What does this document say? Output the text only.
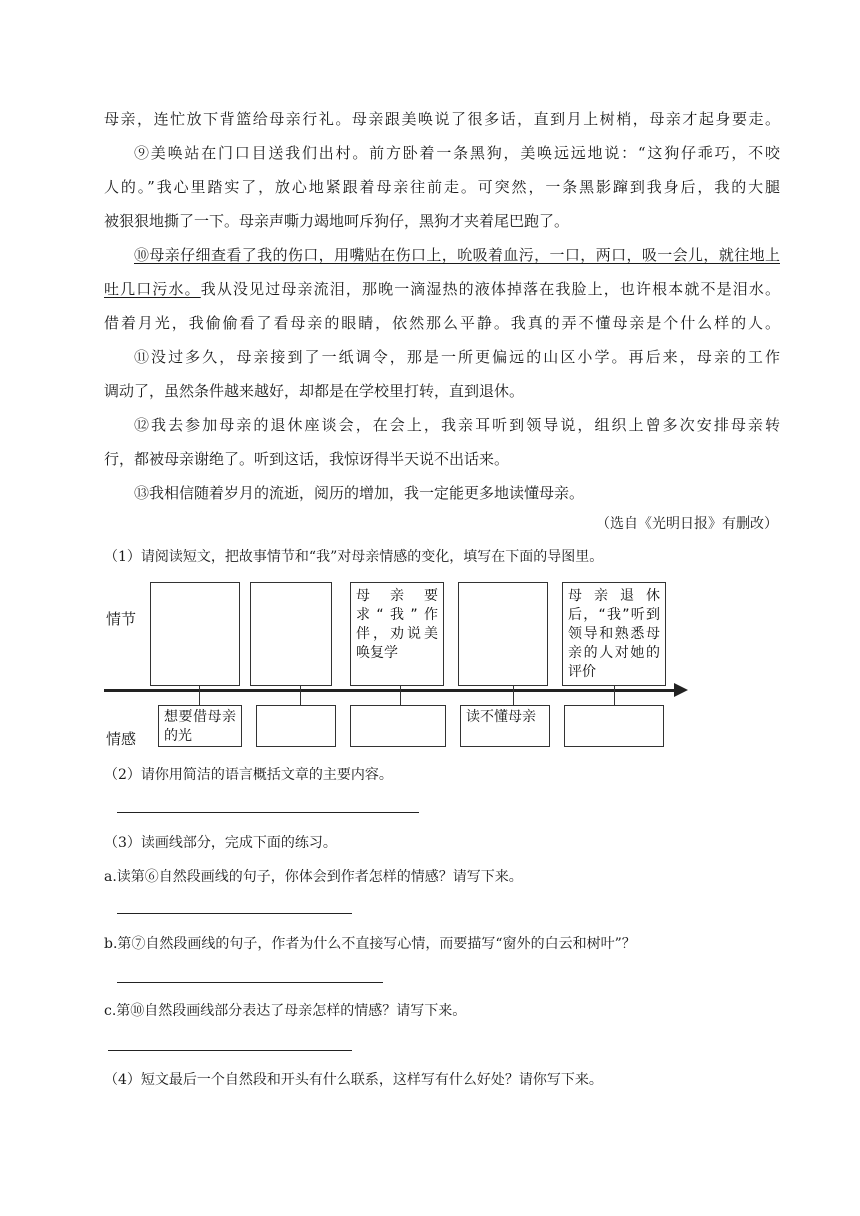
母亲，连忙放下背篮给母亲行礼。母亲跟美唤说了很多话，直到月上树梢，母亲才起身要走。

⑨美唤站在门口目送我们出村。前方卧着一条黑狗，美唤远远地说：“这狗仔乖巧，不咬

人的。”我心里踏实了，放心地紧跟着母亲往前走。可突然，一条黑影蹿到我身后，我的大腿

被狠狠地撕了一下。母亲声嘶力竭地呵斥狗仔，黑狗才夹着尾巴跑了。

⑩母亲仔细查看了我的伤口，用嘴贴在伤口上，吮吸着血污，一口，两口，吸一会儿，就往地上

吐几口污水。我从没见过母亲流泪，那晚一滴湿热的液体掉落在我脸上，也许根本就不是泪水。

借着月光，我偷偷看了看母亲的眼睛，依然那么平静。我真的弄不懂母亲是个什么样的人。

⑪没过多久，母亲接到了一纸调令，那是一所更偏远的山区小学。再后来，母亲的工作

调动了，虽然条件越来越好，却都是在学校里打转，直到退休。

⑫我去参加母亲的退休座谈会，在会上，我亲耳听到领导说，组织上曾多次安排母亲转

行，都被母亲谢绝了。听到这话，我惊讶得半天说不出话来。

⑬我相信随着岁月的流逝，阅历的增加，我一定能更多地读懂母亲。

（选自《光明日报》有删改）
（1）请阅读短文，把故事情节和“我”对母亲情感的变化，填写在下面的导图里。
情节
情感
母亲要求“我”作伴，劝说美唤复学
母亲退休后，“我”听到领导和熟悉母亲的人对她的评价
想要借母亲的光
读不懂母亲
（2）请你用简洁的语言概括文章的主要内容。
（3）读画线部分，完成下面的练习。
a.读第⑥自然段画线的句子，你体会到作者怎样的情感？请写下来。
b.第⑦自然段画线的句子，作者为什么不直接写心情，而要描写“窗外的白云和树叶”？
c.第⑩自然段画线部分表达了母亲怎样的情感？请写下来。
（4）短文最后一个自然段和开头有什么联系，这样写有什么好处？请你写下来。
